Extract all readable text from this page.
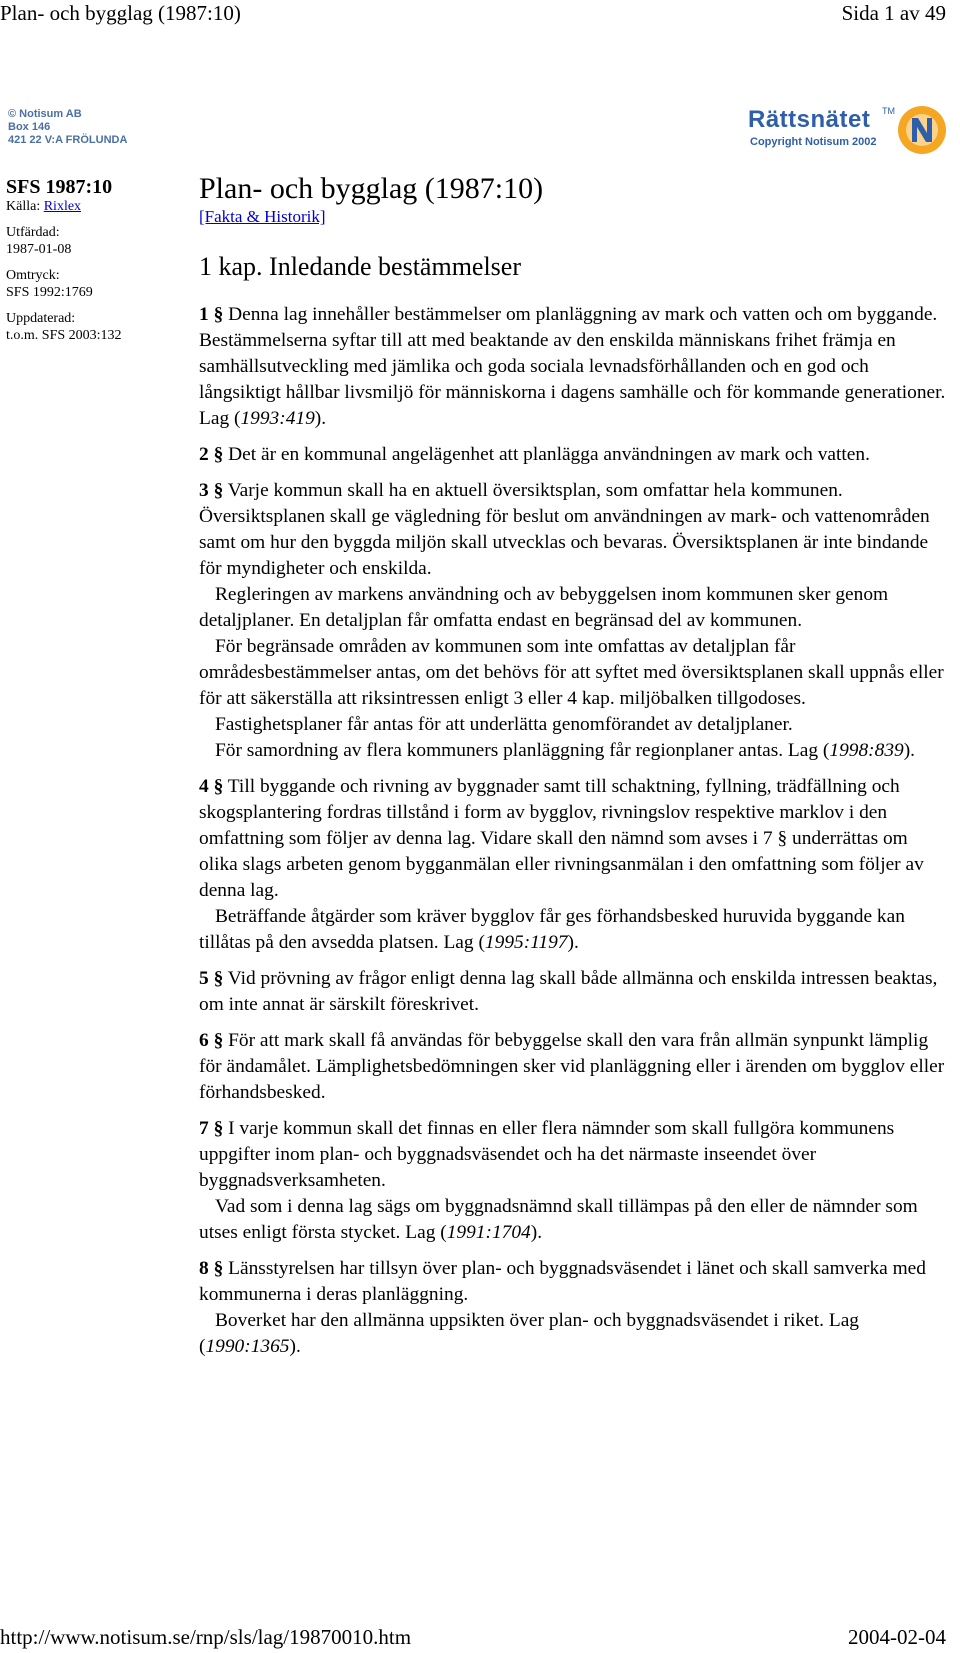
Plan- och bygglag (1987:10)	Sida 1 av 49
© Notisum AB
Box 146
421 22 V:A FRÖLUNDA
Rättsnätet TM
Copyright Notisum 2002
SFS 1987:10
Källa: Rixlex
Utfärdad:
1987-01-08
Omtryck:
SFS 1992:1769
Uppdaterad:
t.o.m. SFS 2003:132
Plan- och bygglag (1987:10)
[Fakta & Historik]
1 kap. Inledande bestämmelser

1 § Denna lag innehåller bestämmelser om planläggning av mark och vatten och om byggande. Bestämmelserna syftar till att med beaktande av den enskilda människans frihet främja en samhällsutveckling med jämlika och goda sociala levnadsförhållanden och en god och långsiktigt hållbar livsmiljö för människorna i dagens samhälle och för kommande generationer. Lag (1993:419).

2 § Det är en kommunal angelägenhet att planlägga användningen av mark och vatten.

3 § Varje kommun skall ha en aktuell översiktsplan, som omfattar hela kommunen. Översiktsplanen skall ge vägledning för beslut om användningen av mark- och vattenområden samt om hur den byggda miljön skall utvecklas och bevaras. Översiktsplanen är inte bindande för myndigheter och enskilda.

Regleringen av markens användning och av bebyggelsen inom kommunen sker genom detaljplaner. En detaljplan får omfatta endast en begränsad del av kommunen.

För begränsade områden av kommunen som inte omfattas av detaljplan får områdesbestämmelser antas, om det behövs för att syftet med översiktsplanen skall uppnås eller för att säkerställa att riksintressen enligt 3 eller 4 kap. miljöbalken tillgodoses.

Fastighetsplaner får antas för att underlätta genomförandet av detaljplaner.

För samordning av flera kommuners planläggning får regionplaner antas. Lag (1998:839).

4 § Till byggande och rivning av byggnader samt till schaktning, fyllning, trädfällning och skogsplantering fordras tillstånd i form av bygglov, rivningslov respektive marklov i den omfattning som följer av denna lag. Vidare skall den nämnd som avses i 7 § underrättas om olika slags arbeten genom bygganmälan eller rivningsanmälan i den omfattning som följer av denna lag.

Beträffande åtgärder som kräver bygglov får ges förhandsbesked huruvida byggande kan tillåtas på den avsedda platsen. Lag (1995:1197).

5 § Vid prövning av frågor enligt denna lag skall både allmänna och enskilda intressen beaktas, om inte annat är särskilt föreskrivet.

6 § För att mark skall få användas för bebyggelse skall den vara från allmän synpunkt lämplig för ändamålet. Lämplighetsbedömningen sker vid planläggning eller i ärenden om bygglov eller förhandsbesked.

7 § I varje kommun skall det finnas en eller flera nämnder som skall fullgöra kommunens uppgifter inom plan- och byggnadsväsendet och ha det närmaste inseendet över byggnadsverksamheten.

Vad som i denna lag sägs om byggnadsnämnd skall tillämpas på den eller de nämnder som utses enligt första stycket. Lag (1991:1704).

8 § Länsstyrelsen har tillsyn över plan- och byggnadsväsendet i länet och skall samverka med kommunerna i deras planläggning.

Boverket har den allmänna uppsikten över plan- och byggnadsväsendet i riket. Lag (1990:1365).

http://www.notisum.se/rnp/sls/lag/19870010.htm	2004-02-04
